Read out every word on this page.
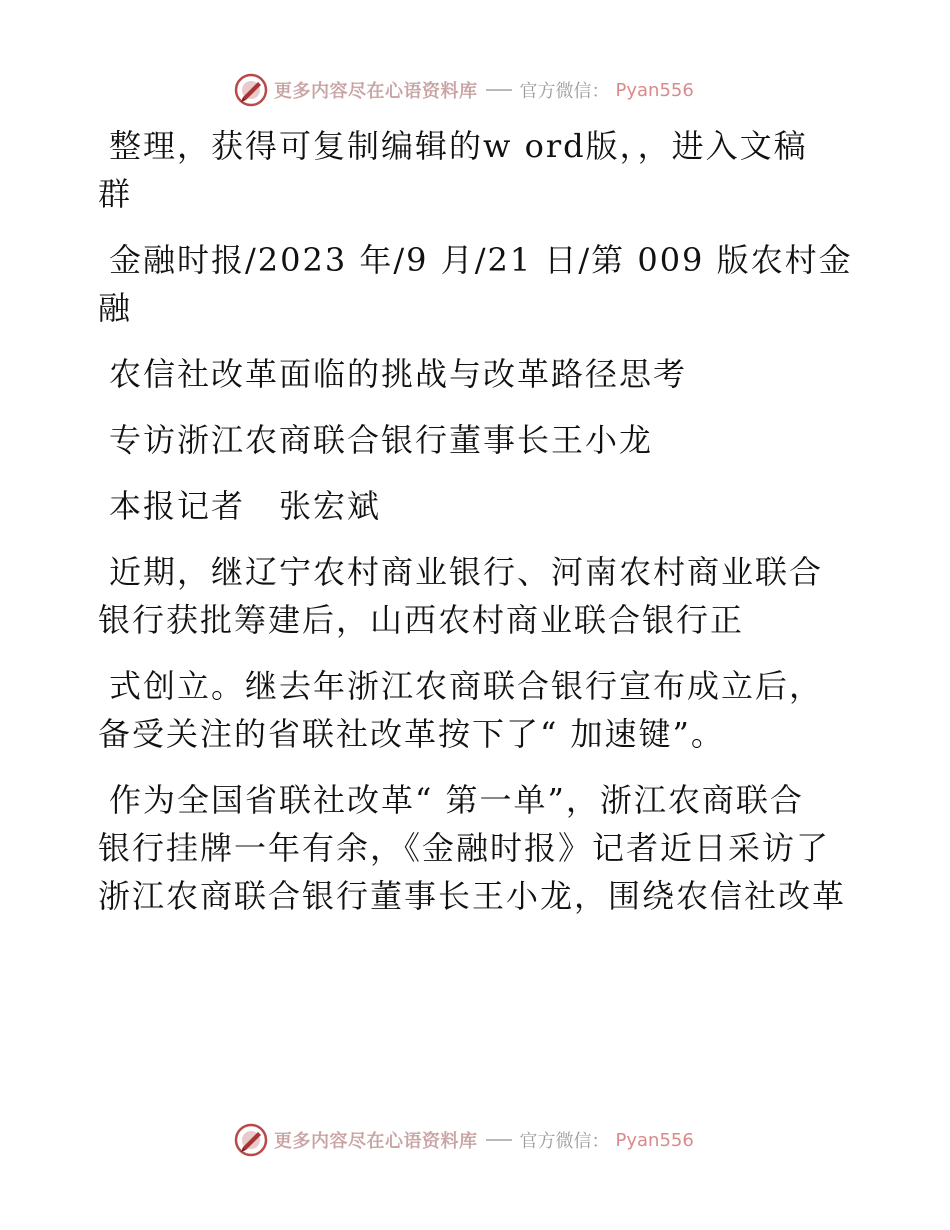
更多内容尽在心语资料库 官方微信： Pyan556

整理，获得可复制编辑的w ord版，，进入文稿
群

金融时报/2023 年/9 月/21 日/第 009 版农村金
融

农信社改革面临的挑战与改革路径思考

专访浙江农商联合银行董事长王小龙

本报记者　张宏斌

近期，继辽宁农村商业银行、河南农村商业联合
银行获批筹建后，山西农村商业联合银行正

式创立。继去年浙江农商联合银行宣布成立后，
备受关注的省联社改革按下了“ 加速键”。

作为全国省联社改革“ 第一单”，浙江农商联合
银行挂牌一年有余，《金融时报》记者近日采访了
浙江农商联合银行董事长王小龙，围绕农信社改革

更多内容尽在心语资料库 官方微信： Pyan556
